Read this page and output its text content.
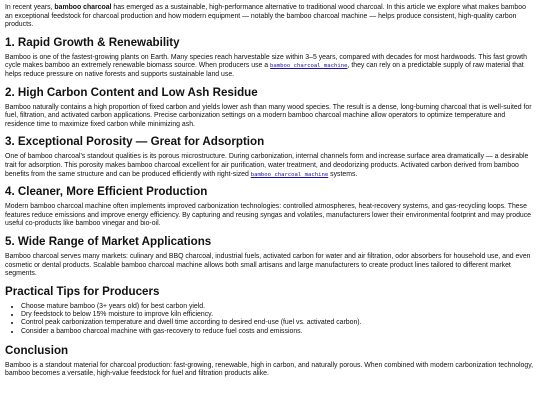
In recent years, bamboo charcoal has emerged as a sustainable, high-performance alternative to traditional wood charcoal. In this article we explore what makes bamboo an exceptional feedstock for charcoal production and how modern equipment — notably the bamboo charcoal machine — helps produce consistent, high-quality carbon products.

1. Rapid Growth & Renewability

Bamboo is one of the fastest-growing plants on Earth. Many species reach harvestable size within 3–5 years, compared with decades for most hardwoods. This fast growth cycle makes bamboo an extremely renewable biomass source. When producers use a bamboo charcoal machine, they can rely on a predictable supply of raw material that helps reduce pressure on native forests and supports sustainable land use.

2. High Carbon Content and Low Ash Residue

Bamboo naturally contains a high proportion of fixed carbon and yields lower ash than many wood species. The result is a dense, long-burning charcoal that is well-suited for fuel, filtration, and activated carbon applications. Precise carbonization settings on a modern bamboo charcoal machine allow operators to optimize temperature and residence time to maximize fixed carbon while minimizing ash.

3. Exceptional Porosity — Great for Adsorption

One of bamboo charcoal's standout qualities is its porous microstructure. During carbonization, internal channels form and increase surface area dramatically — a desirable trait for adsorption. This porosity makes bamboo charcoal excellent for air purification, water treatment, and deodorizing products. Activated carbon derived from bamboo benefits from the same structure and can be produced efficiently with right-sized bamboo charcoal machine systems.

4. Cleaner, More Efficient Production

Modern bamboo charcoal machine often implements improved carbonization technologies: controlled atmospheres, heat-recovery systems, and gas-recycling loops. These features reduce emissions and improve energy efficiency. By capturing and reusing syngas and volatiles, manufacturers lower their environmental footprint and may produce useful co-products like bamboo vinegar and bio-oil.

5. Wide Range of Market Applications

Bamboo charcoal serves many markets: culinary and BBQ charcoal, industrial fuels, activated carbon for water and air filtration, odor absorbers for household use, and even cosmetic or dental products. Scalable bamboo charcoal machine allows both small artisans and large manufacturers to create product lines tailored to different market segments.

Practical Tips for Producers
• Choose mature bamboo (3+ years old) for best carbon yield.
• Dry feedstock to below 15% moisture to improve kiln efficiency.
• Control peak carbonization temperature and dwell time according to desired end-use (fuel vs. activated carbon).
• Consider a bamboo charcoal machine with gas-recovery to reduce fuel costs and emissions.
Conclusion

Bamboo is a standout material for charcoal production: fast-growing, renewable, high in carbon, and naturally porous. When combined with modern carbonization technology, bamboo becomes a versatile, high-value feedstock for fuel and filtration products alike.
